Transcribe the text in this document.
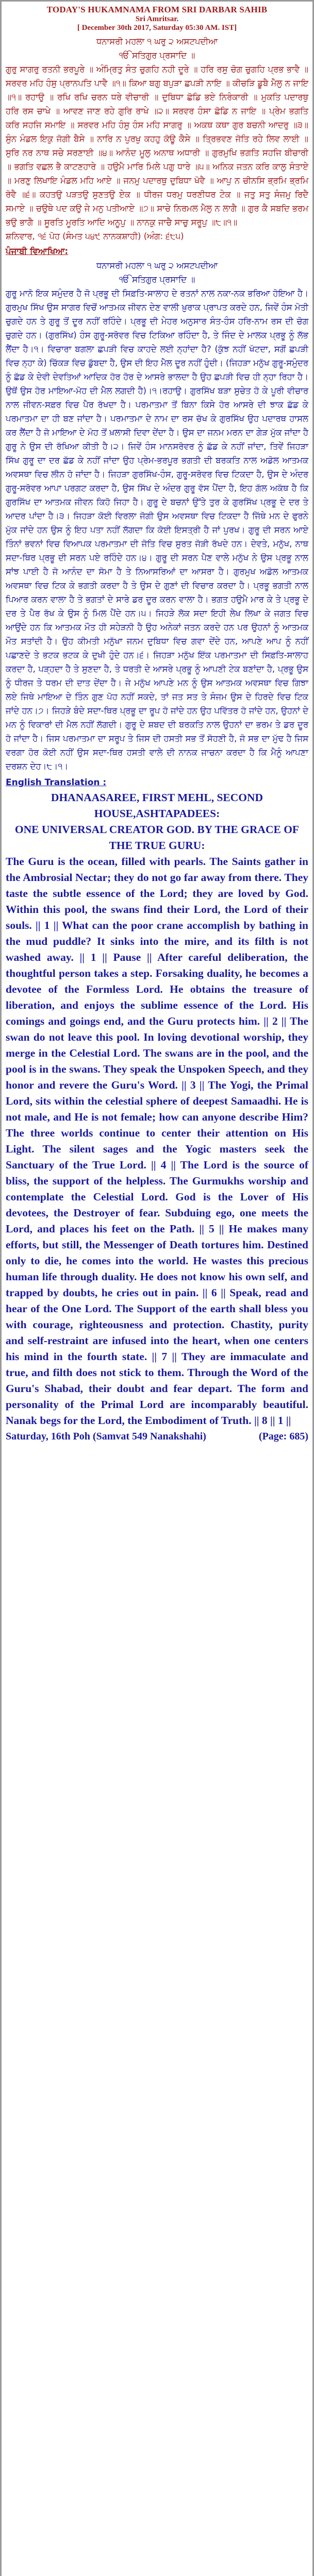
TODAY'S HUKAMNAMA FROM SRI DARBAR SAHIB
Sri Amritsar.
[ December 30th 2017, Saturday 05:30 AM. IST]

ਧਨਾਸਰੀ ਮਹਲਾ ੧ ਘਰੁ ੨ ਅਸਟਪਦੀਆ

ੴ ਸਤਿਗੁਰ ਪ੍ਰਸਾਦਿ ॥

ਗੁਰੁ ਸਾਗਰੁ ਰਤਨੀ ਭਰਪੂਰੇ ॥ ਅੰਮ੍ਰਿਤੁ ਸੰਤ ਚੁਗਹਿ ਨਹੀ ਦੂਰੇ ॥ ਹਰਿ ਰਸੁ ਚੋਗ ਚੁਗਹਿ ਪ੍ਰਭ ਭਾਵੈ ॥ ਸਰਵਰ ਮਹਿ ਹੰਸੁ ਪ੍ਰਾਨਪਤਿ ਪਾਵੈ ॥੧॥ ਕਿਆ ਬਗੁ ਬਪੁੜਾ ਛਪੜੀ ਨਾਇ ॥ ਕੀਚੜਿ ਡੂਬੈ ਮੈਲੁ ਨ ਜਾਇ ॥੧॥ ਰਹਾਉ ॥ ਰਖਿ ਰਖਿ ਚਰਨ ਧਰੇ ਵੀਚਾਰੀ ॥ ਦੁਬਿਧਾ ਛੋਡਿ ਭਏ ਨਿਰੰਕਾਰੀ ॥ ਮੁਕਤਿ ਪਦਾਰਥੁ ਹਰਿ ਰਸ ਚਾਖੇ ॥ ਆਵਣ ਜਾਣ ਰਹੇ ਗੁਰਿ ਰਾਖੇ ॥੨॥ ਸਰਵਰ ਹੰਸਾ ਛੋਡਿ ਨ ਜਾਇ ॥ ਪ੍ਰੇਮ ਭਗਤਿ ਕਰਿ ਸਹਜਿ ਸਮਾਇ ॥ ਸਰਵਰ ਮਹਿ ਹੰਸੁ ਹੰਸ ਮਹਿ ਸਾਗਰੁ ॥ ਅਕਥ ਕਥਾ ਗੁਰ ਬਚਨੀ ਆਦਰੁ ॥੩॥ ਸੁੰਨ ਮੰਡਲ ਇਕੁ ਜੋਗੀ ਬੈਸੇ ॥ ਨਾਰਿ ਨ ਪੁਰਖੁ ਕਹਹੁ ਕੋਊ ਕੈਸੇ ॥ ਤ੍ਰਿਭਵਣ ਜੋਤਿ ਰਹੇ ਲਿਵ ਲਾਈ ॥ ਸੁਰਿ ਨਰ ਨਾਥ ਸਚੇ ਸਰਣਾਈ ॥੪॥ ਆਨੰਦ ਮੂਲੁ ਅਨਾਥ ਅਧਾਰੀ ॥ ਗੁਰਮੁਖਿ ਭਗਤਿ ਸਹਜਿ ਬੀਚਾਰੀ ॥ ਭਗਤਿ ਵਛਲ ਭੈ ਕਾਟਣਹਾਰੇ ॥ ਹਉਮੈ ਮਾਰਿ ਮਿਲੇ ਪਗੁ ਧਾਰੇ ॥੫॥ ਅਨਿਕ ਜਤਨ ਕਰਿ ਕਾਲੁ ਸੰਤਾਏ ॥ ਮਰਣੁ ਲਿਖਾਇ ਮੰਡਲ ਮਹਿ ਆਏ ॥ ਜਨਮੁ ਪਦਾਰਥੁ ਦੁਬਿਧਾ ਖੋਵੈ ॥ ਆਪੁ ਨ ਚੀਨਸਿ ਭ੍ਰਮਿ ਭ੍ਰਮਿ ਰੋਵੈ ॥੬॥ ਕਹਤਉ ਪੜਤਉ ਸੁਣਤਉ ਏਕ ॥ ਧੀਰਜ ਧਰਮੁ ਧਰਣੀਧਰ ਟੇਕ ॥ ਜਤੁ ਸਤੁ ਸੰਜਮੁ ਰਿਦੈ ਸਮਾਏ ॥ ਚਉਥੇ ਪਦ ਕਉ ਜੇ ਮਨੁ ਪਤੀਆਏ ॥੭॥ ਸਾਚੇ ਨਿਰਮਲ ਮੈਲੁ ਨ ਲਾਗੈ ॥ ਗੁਰ ਕੈ ਸਬਦਿ ਭਰਮ ਭਉ ਭਾਗੈ ॥ ਸੂਰਤਿ ਮੂਰਤਿ ਆਦਿ ਅਨੂਪੁ ॥ ਨਾਨਕੁ ਜਾਚੈ ਸਾਚੁ ਸਰੂਪੁ ॥੮॥੧॥

ਸ਼ਨਿਵਾਰ, ੧੬ ਪੋਹ (ਸੰਮਤ ੫੪੯ ਨਾਨਕਸ਼ਾਹੀ) (ਅੰਗ: ੬੮੫)

ਪੰਜਾਬੀ ਵਿਆਖਿਆ:

ਧਨਾਸਰੀ ਮਹਲਾ ੧ ਘਰੁ ੨ ਅਸਟਪਦੀਆ

ੴ ਸਤਿਗੁਰ ਪ੍ਰਸਾਦਿ ॥

ਗੁਰੂ ਮਾਨੋ ਇਕ ਸਮੁੰਦਰ ਹੈ ਜੋ ਪ੍ਰਭੂ ਦੀ ਸਿਫ਼ਤਿ-ਸਾਲਾਹ ਦੇ ਰਤਨਾਂ ਨਾਲ ਨਕਾ-ਨਕ ਭਰਿਆ ਹੋਇਆ ਹੈ। ਗੁਰਮੁਖ ਸਿੱਖ ਉਸ ਸਾਗਰ ਵਿਚੋਂ ਆਤਮਕ ਜੀਵਨ ਦੇਣ ਵਾਲੀ ਖ਼ੁਰਾਕ ਪ੍ਰਾਪਤ ਕਰਦੇ ਹਨ, ਜਿਵੇਂ ਹੰਸ ਮੋਤੀ ਚੁਗਦੇ ਹਨ ਤੇ ਗੁਰੂ ਤੋਂ ਦੂਰ ਨਹੀਂ ਰਹਿੰਦੇ। ਪ੍ਰਭੂ ਦੀ ਮੇਹਰ ਅਨੁਸਾਰ ਸੰਤ-ਹੰਸ ਹਰਿ-ਨਾਮ ਰਸ ਦੀ ਚੋਗ ਚੁਗਦੇ ਹਨ। (ਗੁਰਸਿੱਖ) ਹੰਸ ਗੁਰੂ-ਸਰੋਵਰ ਵਿਚ ਟਿਕਿਆ ਰਹਿੰਦਾ ਹੈ, ਤੇ ਜਿੰਦ ਦੇ ਮਾਲਕ ਪ੍ਰਭੂ ਨੂੰ ਲੱਭ ਲੈਂਦਾ ਹੈ।੧। ਵਿਚਾਰਾ ਬਗਲਾ ਛਪੜੀ ਵਿਚ ਕਾਹਦੇ ਲਈ ਨ੍ਹਾਂਦਾ ਹੈ? (ਕੁੱਝ ਨਹੀਂ ਖੱਟਦਾ, ਸਗੋਂ ਛਪੜੀ ਵਿਚ ਨ੍ਹਾ ਕੇ) ਚਿੱਕੜ ਵਿਚ ਡੁੱਬਦਾ ਹੈ, ਉਸ ਦੀ ਇਹ ਮੈਲ ਦੂਰ ਨਹੀਂ ਹੁੰਦੀ। (ਜਿਹੜਾ ਮਨੁੱਖ ਗੁਰੂ-ਸਮੁੰਦਰ ਨੂੰ ਛੱਡ ਕੇ ਦੇਵੀ ਦੇਵਤਿਆਂ ਆਦਿਕ ਹੋਰ ਹੋਰ ਦੇ ਆਸਰੇ ਭਾਲਦਾ ਹੈ ਉਹ ਛਪੜੀ ਵਿਚ ਹੀ ਨ੍ਹਾ ਰਿਹਾ ਹੈ। ਉਥੋਂ ਉਸ ਹੋਰ ਮਾਇਆ-ਮੋਹ ਦੀ ਮੈਲ ਲਗਦੀ ਹੈ)।੧।ਰਹਾਉ। ਗੁਰਸਿੱਖ ਬੜਾ ਸੁਚੇਤ ਹੋ ਕੇ ਪੂਰੀ ਵੀਚਾਰ ਨਾਲ ਜੀਵਨ-ਸਫ਼ਰ ਵਿਚ ਪੈਰ ਰੱਖਦਾ ਹੈ। ਪਰਮਾਤਮਾ ਤੋਂ ਬਿਨਾ ਕਿਸੇ ਹੋਰ ਆਸਰੇ ਦੀ ਝਾਕ ਛੱਡ ਕੇ ਪਰਮਾਤਮਾ ਦਾ ਹੀ ਬਣ ਜਾਂਦਾ ਹੈ। ਪਰਮਾਤਮਾ ਦੇ ਨਾਮ ਦਾ ਰਸ ਚੱਖ ਕੇ ਗੁਰਸਿੱਖ ਉਹ ਪਦਾਰਥ ਹਾਸਲ ਕਰ ਲੈਂਦਾ ਹੈ ਜੋ ਮਾਇਆ ਦੇ ਮੋਹ ਤੋਂ ਖ਼ਲਾਸੀ ਦਿਵਾ ਦੇਂਦਾ ਹੈ। ਉਸ ਦਾ ਜਨਮ ਮਰਨ ਦਾ ਗੇੜ ਮੁੱਕ ਜਾਂਦਾ ਹੈ ਗੁਰੂ ਨੇ ਉਸ ਦੀ ਰੱਖਿਆ ਕੀਤੀ ਹੈ।੨। ਜਿਵੇਂ ਹੰਸ ਮਾਨਸਰੋਵਰ ਨੂੰ ਛੱਡ ਕੇ ਨਹੀਂ ਜਾਂਦਾ, ਤਿਵੇਂ ਜਿਹੜਾ ਸਿੱਖ ਗੁਰੂ ਦਾ ਦਰ ਛੱਡ ਕੇ ਨਹੀਂ ਜਾਂਦਾ ਉਹ ਪ੍ਰੇਮ-ਭਰਪੂਰ ਭਗਤੀ ਦੀ ਬਰਕਤਿ ਨਾਲ ਅਡੋਲ ਆਤਮਕ ਅਵਸਥਾ ਵਿਚ ਲੀਨ ਹੋ ਜਾਂਦਾ ਹੈ। ਜਿਹੜਾ ਗੁਰਸਿੱਖ-ਹੰਸ, ਗੁਰੂ-ਸਰੋਵਰ ਵਿਚ ਟਿਕਦਾ ਹੈ, ਉਸ ਦੇ ਅੰਦਰ ਗੁਰੂ-ਸਰੋਵਰ ਆਪਾ ਪਰਗਟ ਕਰਦਾ ਹੈ, ਉਸ ਸਿੱਖ ਦੇ ਅੰਦਰ ਗੁਰੂ ਵੱਸ ਪੈਂਦਾ ਹੈ, ਇਹ ਗੱਲ ਅਕੱਥ ਹੈ ਕਿ ਗੁਰਸਿੱਖ ਦਾ ਆਤਮਕ ਜੀਵਨ ਕਿਹੋ ਜਿਹਾ ਹੈ। ਗੁਰੂ ਦੇ ਬਚਨਾਂ ਉੱਤੇ ਤੁਰ ਕੇ ਗੁਰਸਿੱਖ ਪ੍ਰਭੂ ਦੇ ਦਰ ਤੇ ਆਦਰ ਪਾਂਦਾ ਹੈ।੩। ਜਿਹੜਾ ਕੋਈ ਵਿਰਲਾ ਜੋਗੀ ਉਸ ਅਵਸਥਾ ਵਿਚ ਟਿਕਦਾ ਹੈ ਜਿੱਥੇ ਮਨ ਦੇ ਫੁਰਨੇ ਮੁੱਕ ਜਾਂਦੇ ਹਨ ਉਸ ਨੂੰ ਇਹ ਪਤਾ ਨਹੀਂ ਲੱਗਦਾ ਕਿ ਕੋਈ ਇਸਤ੍ਰੀ ਹੈ ਜਾਂ ਪੁਰਖ। ਗੁਰੂ ਦੀ ਸਰਨ ਆਏ ਤਿੰਨਾਂ ਭਵਨਾਂ ਵਿਚ ਵਿਆਪਕ ਪਰਮਾਤਮਾ ਦੀ ਜੋਤਿ ਵਿਚ ਸੁਰਤ ਜੋੜੀ ਰੱਖਦੇ ਹਨ। ਦੇਵਤੇ, ਮਨੁੱਖ, ਨਾਥ ਸਦਾ-ਥਿਰ ਪ੍ਰਭੂ ਦੀ ਸਰਨ ਪਏ ਰਹਿੰਦੇ ਹਨ।੪। ਗੁਰੂ ਦੀ ਸਰਨ ਪੈਣ ਵਾਲੇ ਮਨੁੱਖ ਨੇ ਉਸ ਪ੍ਰਭੂ ਨਾਲ ਸਾਂਝ ਪਾਈ ਹੈ ਜੋ ਆਨੰਦ ਦਾ ਸੋਮਾ ਹੈ ਤੇ ਨਿਆਸਰਿਆਂ ਦਾ ਆਸਰਾ ਹੈ। ਗੁਰਮੁਖ ਅਡੋਲ ਆਤਮਕ ਅਵਸਥਾ ਵਿਚ ਟਿਕ ਕੇ ਭਗਤੀ ਕਰਦਾ ਹੈ ਤੇ ਉਸ ਦੇ ਗੁਣਾਂ ਦੀ ਵਿਚਾਰ ਕਰਦਾ ਹੈ। ਪ੍ਰਭੂ ਭਗਤੀ ਨਾਲ ਪਿਆਰ ਕਰਨ ਵਾਲਾ ਹੈ ਤੇ ਭਗਤਾਂ ਦੇ ਸਾਰੇ ਡਰ ਦੂਰ ਕਰਨ ਵਾਲਾ ਹੈ। ਭਗਤ ਹਉਮੈ ਮਾਰ ਕੇ ਤੇ ਪ੍ਰਭੂ ਦੇ ਦਰ ਤੇ ਪੈਰ ਰੱਖ ਕੇ ਉਸ ਨੂੰ ਮਿਲ ਪੈਂਦੇ ਹਨ।੫। ਜਿਹੜੇ ਲੋਕ ਸਦਾ ਇਹੀ ਲੇਖ ਲਿਖਾ ਕੇ ਜਗਤ ਵਿਚ ਆਉਂਦੇ ਹਨ ਕਿ ਆਤਮਕ ਮੌਤ ਹੀ ਸਹੇੜਨੀ ਹੈ ਉਹ ਅਨੇਕਾਂ ਜਤਨ ਕਰਦੇ ਹਨ ਪਰ ਉਹਨਾਂ ਨੂੰ ਆਤਮਕ ਮੌਤ ਸਤਾਂਦੀ ਹੈ। ਉਹ ਕੀਮਤੀ ਮਨੁੱਖਾ ਜਨਮ ਦੁਬਿਧਾ ਵਿਚ ਗਵਾ ਦੇਂਦੇ ਹਨ, ਆਪਣੇ ਆਪ ਨੂੰ ਨਹੀਂ ਪਛਾਣਦੇ ਤੇ ਭਟਕ ਭਟਕ ਕੇ ਦੁਖੀ ਹੁੰਦੇ ਹਨ।੬। ਜਿਹੜਾ ਮਨੁੱਖ ਇੱਕ ਪਰਮਾਤਮਾ ਦੀ ਸਿਫ਼ਤਿ-ਸਾਲਾਹ ਕਰਦਾ ਹੈ, ਪੜ੍ਹਦਾ ਹੈ ਤੇ ਸੁਣਦਾ ਹੈ, ਤੇ ਧਰਤੀ ਦੇ ਆਸਰੇ ਪ੍ਰਭੂ ਨੂੰ ਆਪਣੀ ਟੇਕ ਬਣਾਂਦਾ ਹੈ, ਪ੍ਰਭੂ ਉਸ ਨੂੰ ਧੀਰਜ ਤੇ ਧਰਮ ਦੀ ਦਾਤ ਦੇਂਦਾ ਹੈ। ਜੇ ਮਨੁੱਖ ਆਪਣੇ ਮਨ ਨੂੰ ਉਸ ਆਤਮਕ ਅਵਸਥਾ ਵਿਚ ਗਿਝਾ ਲਏ ਜਿਥੇ ਮਾਇਆ ਦੇ ਤਿੰਨ ਗੁਣ ਪੋਹ ਨਹੀਂ ਸਕਦੇ, ਤਾਂ ਜਤ ਸਤ ਤੇ ਸੰਜਮ ਉਸ ਦੇ ਹਿਰਦੇ ਵਿਚ ਟਿਕ ਜਾਂਦੇ ਹਨ।੭। ਜਿਹੜੇ ਬੰਦੇ ਸਦਾ-ਥਿਰ ਪ੍ਰਭੂ ਦਾ ਰੂਪ ਹੋ ਜਾਂਦੇ ਹਨ ਉਹ ਪਵਿੱਤਰ ਹੋ ਜਾਂਦੇ ਹਨ, ਉਹਨਾਂ ਦੇ ਮਨ ਨੂੰ ਵਿਕਾਰਾਂ ਦੀ ਮੈਲ ਨਹੀਂ ਲੱਗਦੀ। ਗੁਰੂ ਦੇ ਸ਼ਬਦ ਦੀ ਬਰਕਤਿ ਨਾਲ ਉਹਨਾਂ ਦਾ ਭਰਮ ਤੇ ਡਰ ਦੂਰ ਹੋ ਜਾਂਦਾ ਹੈ। ਜਿਸ ਪਰਮਾਤਮਾ ਦਾ ਸਰੂਪ ਤੇ ਜਿਸ ਦੀ ਹਸਤੀ ਸਭ ਤੋਂ ਸੋਹਣੀ ਹੈ, ਜੋ ਸਭ ਦਾ ਮੁੱਢ ਹੈ ਜਿਸ ਵਰਗਾ ਹੋਰ ਕੋਈ ਨਹੀਂ ਉਸ ਸਦਾ-ਥਿਰ ਹਸਤੀ ਵਾਲੇ ਦੀ ਨਾਨਕ ਜਾਚਨਾ ਕਰਦਾ ਹੈ ਕਿ ਮੈਨੂੰ ਆਪਣਾ ਦਰਸ਼ਨ ਦੇਹ।੮।੧।

English Translation :

DHANAASAREE, FIRST MEHL, SECOND HOUSE,ASHTAPADEES:

ONE UNIVERSAL CREATOR GOD. BY THE GRACE OF THE TRUE GURU:

The Guru is the ocean, filled with pearls. The Saints gather in the Ambrosial Nectar; they do not go far away from there. They taste the subtle essence of the Lord; they are loved by God. Within this pool, the swans find their Lord, the Lord of their souls. || 1 || What can the poor crane accomplish by bathing in the mud puddle? It sinks into the mire, and its filth is not washed away. || 1 || Pause || After careful deliberation, the thoughtful person takes a step. Forsaking duality, he becomes a devotee of the Formless Lord. He obtains the treasure of liberation, and enjoys the sublime essence of the Lord. His comings and goings end, and the Guru protects him. || 2 || The swan do not leave this pool. In loving devotional worship, they merge in the Celestial Lord. The swans are in the pool, and the pool is in the swans. They speak the Unspoken Speech, and they honor and revere the Guru's Word. || 3 || The Yogi, the Primal Lord, sits within the celestial sphere of deepest Samaadhi. He is not male, and He is not female; how can anyone describe Him? The three worlds continue to center their attention on His Light. The silent sages and the Yogic masters seek the Sanctuary of the True Lord. || 4 || The Lord is the source of bliss, the support of the helpless. The Gurmukhs worship and contemplate the Celestial Lord. God is the Lover of His devotees, the Destroyer of fear. Subduing ego, one meets the Lord, and places his feet on the Path. || 5 || He makes many efforts, but still, the Messenger of Death tortures him. Destined only to die, he comes into the world. He wastes this precious human life through duality. He does not know his own self, and trapped by doubts, he cries out in pain. || 6 || Speak, read and hear of the One Lord. The Support of the earth shall bless you with courage, righteousness and protection. Chastity, purity and self-restraint are infused into the heart, when one centers his mind in the fourth state. || 7 || They are immaculate and true, and filth does not stick to them. Through the Word of the Guru's Shabad, their doubt and fear depart. The form and personality of the Primal Lord are incomparably beautiful. Nanak begs for the Lord, the Embodiment of Truth. || 8 || 1 ||

Saturday, 16th Poh (Samvat 549 Nanakshahi)	(Page: 685)
